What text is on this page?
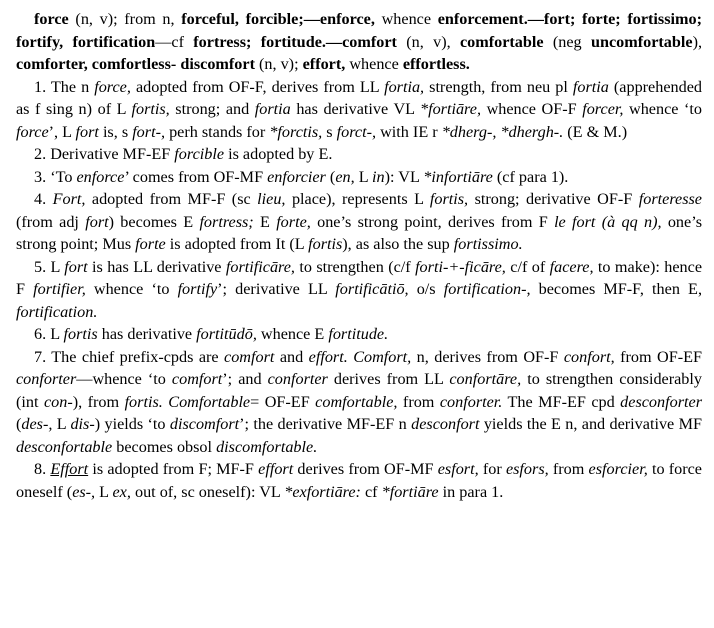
force (n, v); from n, forceful, forcible;—enforce, whence enforcement.—fort; forte; fortissimo; fortify, fortification—cf fortress; fortitude.—comfort (n, v), comfortable (neg uncomfortable), comforter, comfortless- discomfort (n, v); effort, whence effortless.

1. The n force, adopted from OF-F, derives from LL fortia, strength, from neu pl fortia (apprehended as f sing n) of L fortis, strong; and fortia has derivative VL *fortiāre, whence OF-F forcer, whence ‘to force’, L fort is, s fort-, perh stands for *forctis, s forct-, with IE r *dherg-, *dhergh-. (E & M.)

2. Derivative MF-EF forcible is adopted by E.

3. ‘To enforce’ comes from OF-MF enforcier (en, L in): VL *infortiāre (cf para 1).

4. Fort, adopted from MF-F (sc lieu, place), represents L fortis, strong; derivative OF-F forteresse (from adj fort) becomes E fortress; E forte, one’s strong point, derives from F le fort (à qq n), one’s strong point; Mus forte is adopted from It (L fortis), as also the sup fortissimo.

5. L fort is has LL derivative fortificāre, to strengthen (c/f forti-+-ficāre, c/f of facere, to make): hence F fortifier, whence ‘to fortify’; derivative LL fortificātiō, o/s fortification-, becomes MF-F, then E, fortification.

6. L fortis has derivative fortitūdō, whence E fortitude.

7. The chief prefix-cpds are comfort and effort. Comfort, n, derives from OF-F confort, from OF-EF conforter—whence ‘to comfort’; and conforter derives from LL confortāre, to strengthen considerably (int con-), from fortis. Comfortable= OF-EF comfortable, from conforter. The MF-EF cpd desconforter (des-, L dis-) yields ‘to discomfort’; the derivative MF-EF n desconfort yields the E n, and derivative MF desconfortable becomes obsol discomfortable.

8. Effort is adopted from F; MF-F effort derives from OF-MF esfort, for esfors, from esforcier, to force oneself (es-, L ex, out of, sc oneself): VL *exfortiāre: cf *fortiāre in para 1.
